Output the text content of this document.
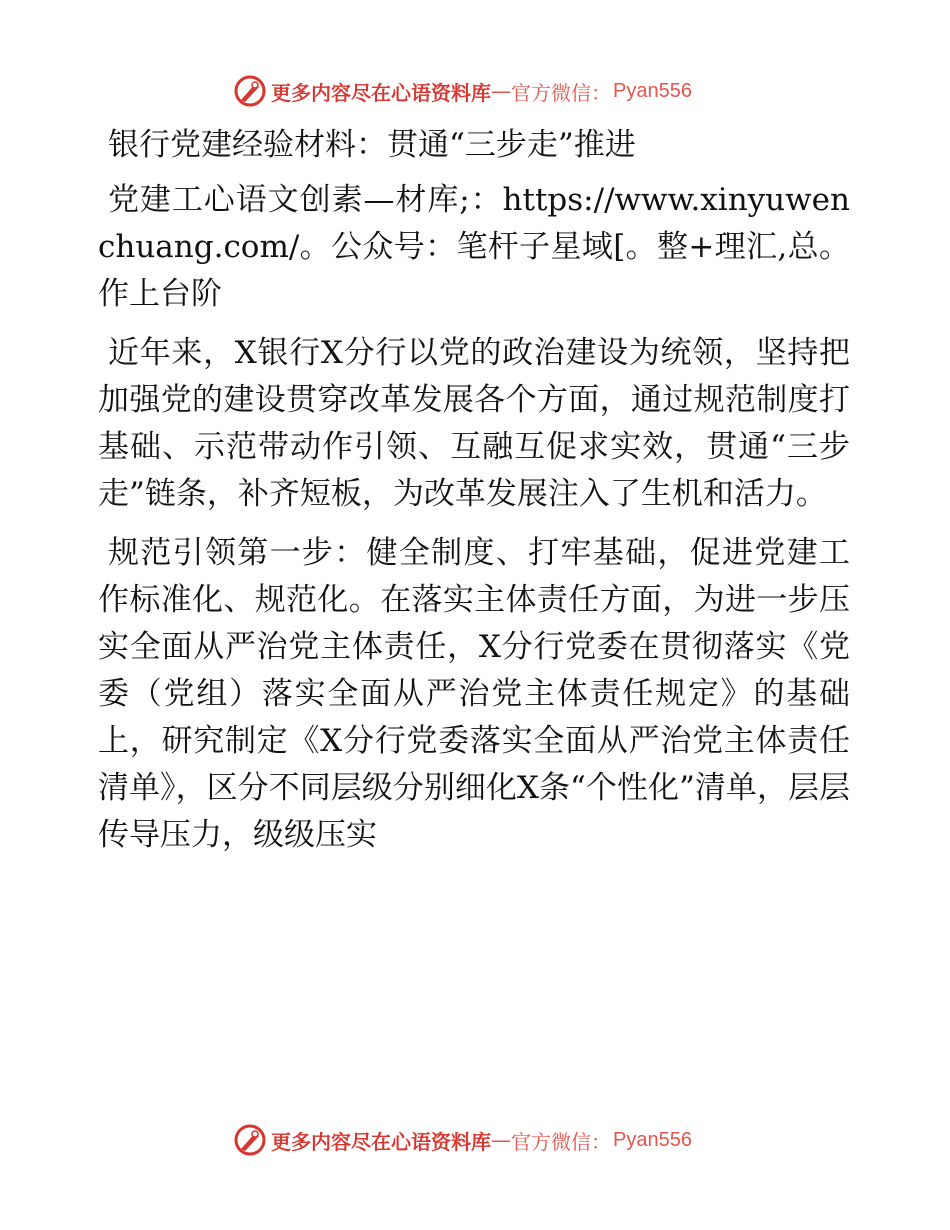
更多内容尽在心语资料库 — 官方微信： Pyan556

银行党建经验材料：贯通“三步走”推进

党建工心语文创素—材库;：https://www.xinyuwenchuang.com/。公众号：笔杆子星域[。整+理汇,总。作上台阶

近年来，X银行X分行以党的政治建设为统领，坚持把加强党的建设贯穿改革发展各个方面，通过规范制度打基础、示范带动作引领、互融互促求实效，贯通“三步走”链条，补齐短板，为改革发展注入了生机和活力。

规范引领第一步：健全制度、打牢基础，促进党建工作标准化、规范化。在落实主体责任方面，为进一步压实全面从严治党主体责任，X分行党委在贯彻落实《党委（党组）落实全面从严治党主体责任规定》的基础上，研究制定《X分行党委落实全面从严治党主体责任清单》，区分不同层级分别细化X条“个性化”清单，层层传导压力，级级压实

更多内容尽在心语资料库 — 官方微信： Pyan556
